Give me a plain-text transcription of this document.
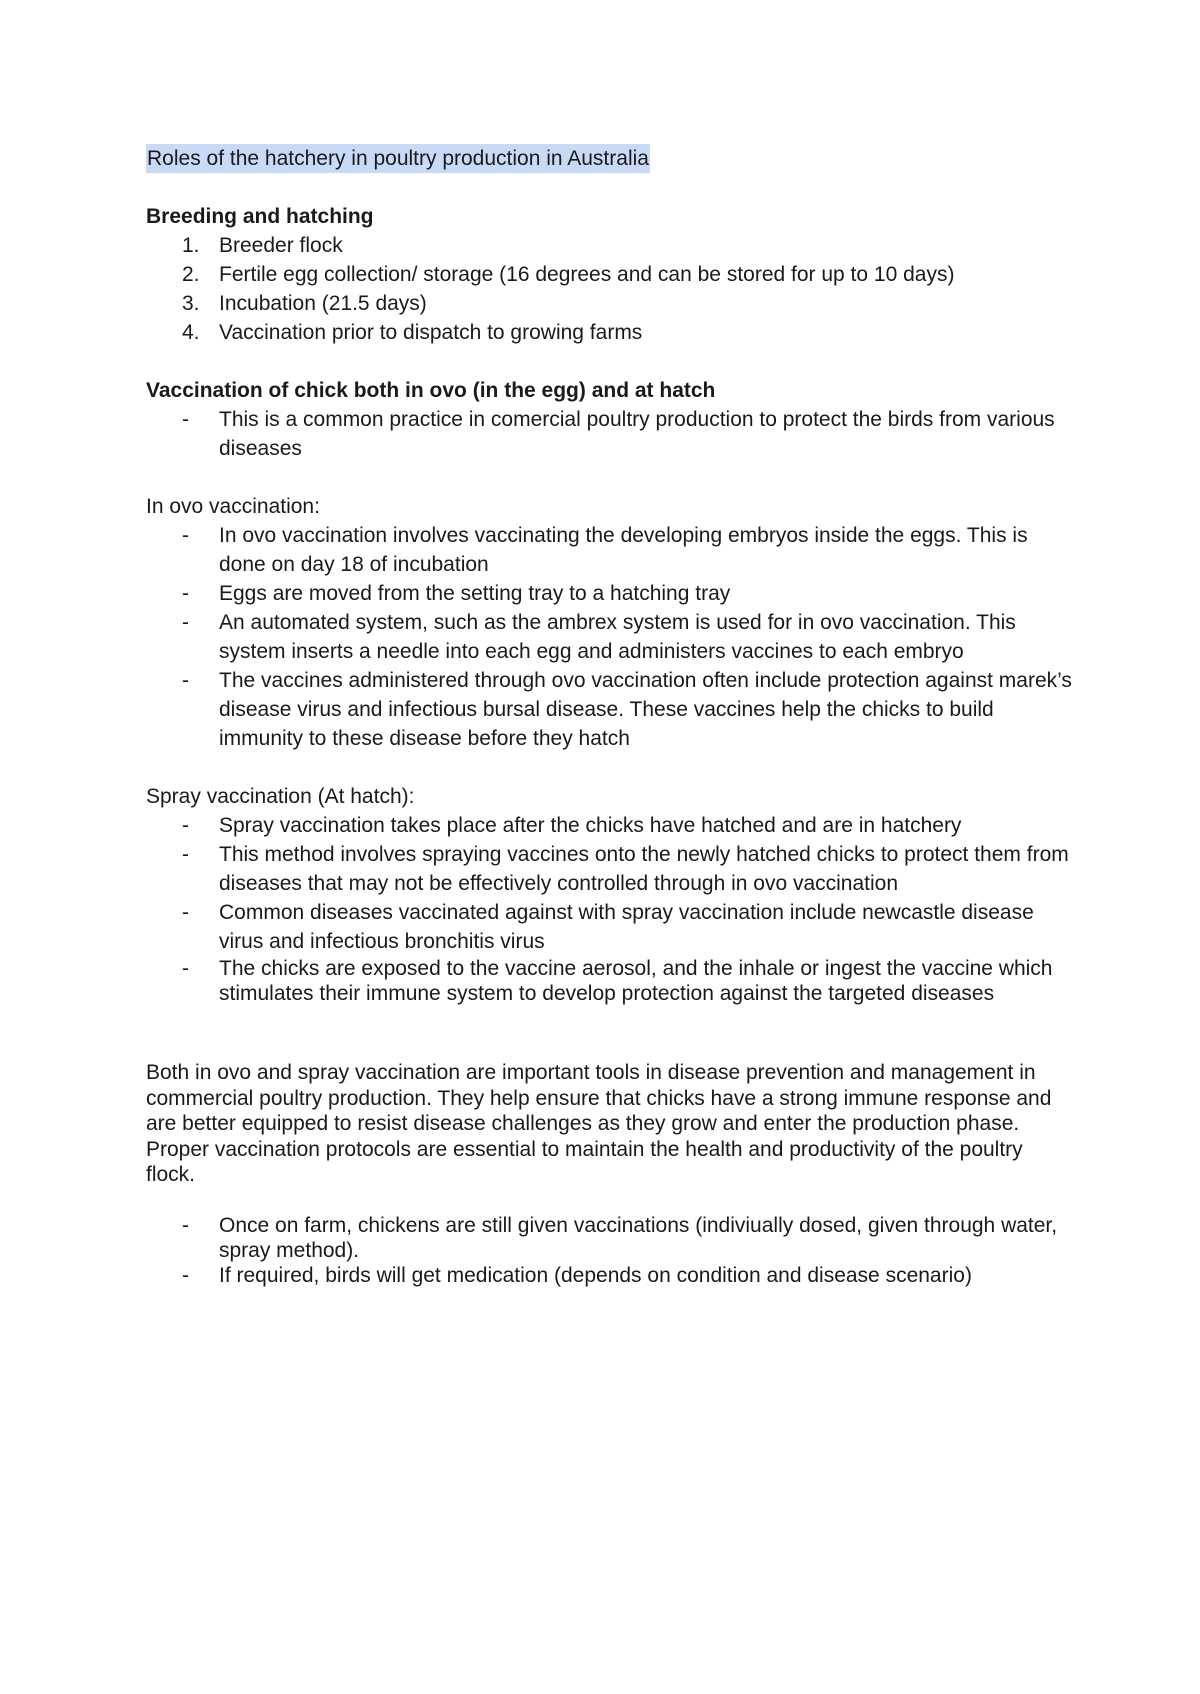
Roles of the hatchery in poultry production in Australia

Breeding and hatching

1. Breeder flock
2. Fertile egg collection/ storage (16 degrees and can be stored for up to 10 days)
3. Incubation (21.5 days)
4. Vaccination prior to dispatch to growing farms

Vaccination of chick both in ovo (in the egg) and at hatch

- This is a common practice in comercial poultry production to protect the birds from various diseases

In ovo vaccination:

- In ovo vaccination involves vaccinating the developing embryos inside the eggs. This is done on day 18 of incubation
- Eggs are moved from the setting tray to a hatching tray
- An automated system, such as the ambrex system is used for in ovo vaccination. This system inserts a needle into each egg and administers vaccines to each embryo
- The vaccines administered through ovo vaccination often include protection against marek’s disease virus and infectious bursal disease. These vaccines help the chicks to build immunity to these disease before they hatch

Spray vaccination (At hatch):

- Spray vaccination takes place after the chicks have hatched and are in hatchery
- This method involves spraying vaccines onto the newly hatched chicks to protect them from diseases that may not be effectively controlled through in ovo vaccination
- Common diseases vaccinated against with spray vaccination include newcastle disease virus and infectious bronchitis virus
- The chicks are exposed to the vaccine aerosol, and the inhale or ingest the vaccine which stimulates their immune system to develop protection against the targeted diseases

Both in ovo and spray vaccination are important tools in disease prevention and management in commercial poultry production. They help ensure that chicks have a strong immune response and are better equipped to resist disease challenges as they grow and enter the production phase. Proper vaccination protocols are essential to maintain the health and productivity of the poultry flock.

- Once on farm, chickens are still given vaccinations (indiviually dosed, given through water, spray method).
- If required, birds will get medication (depends on condition and disease scenario)
